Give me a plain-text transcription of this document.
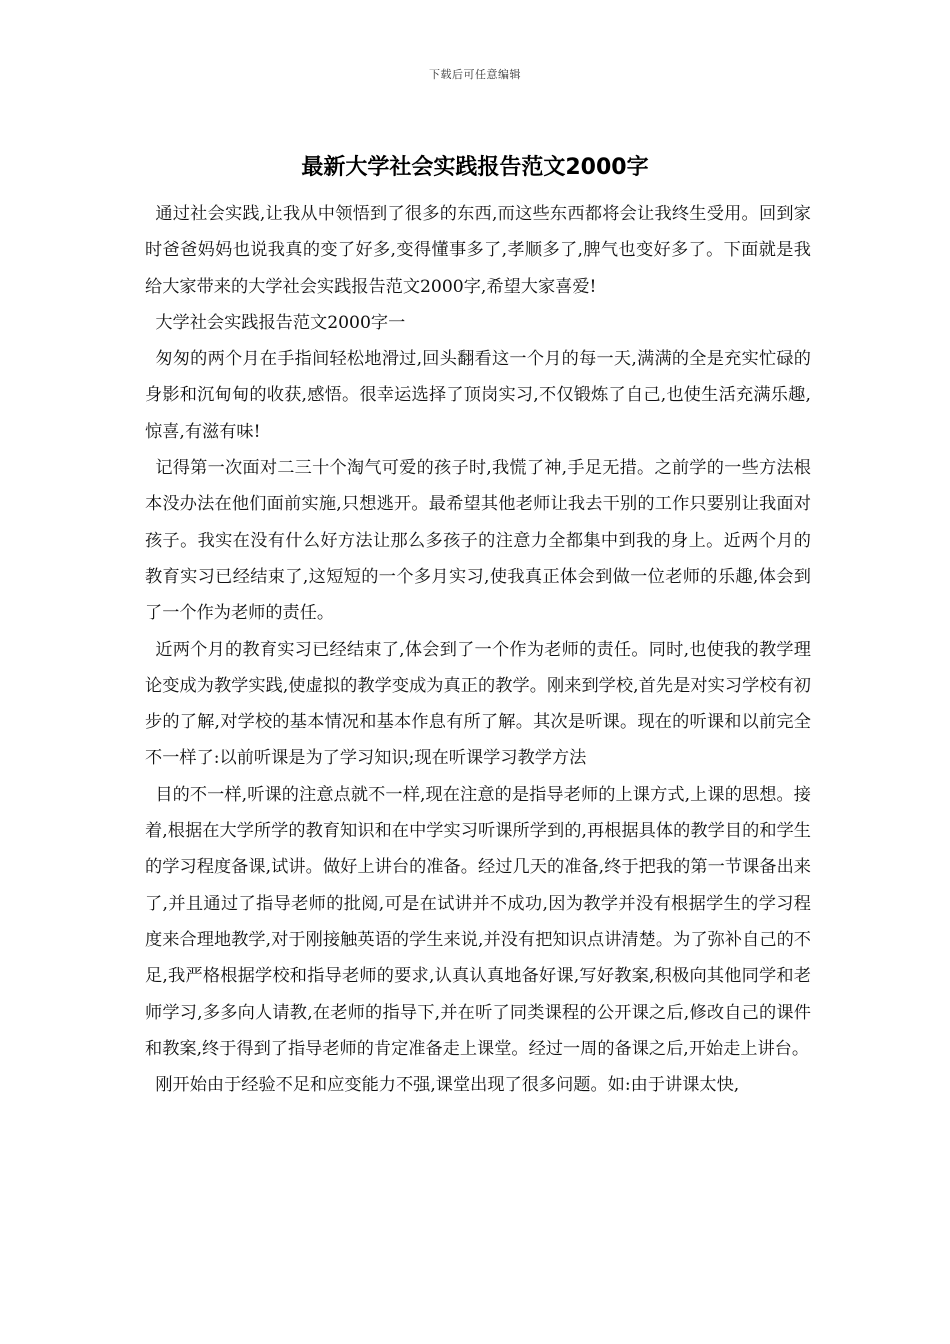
下载后可任意编辑
最新大学社会实践报告范文2000字

通过社会实践,让我从中领悟到了很多的东西,而这些东西都将会让我终生受用。回到家时爸爸妈妈也说我真的变了好多,变得懂事多了,孝顺多了,脾气也变好多了。下面就是我给大家带来的大学社会实践报告范文2000字,希望大家喜爱!

大学社会实践报告范文2000字一

匆匆的两个月在手指间轻松地滑过,回头翻看这一个月的每一天,满满的全是充实忙碌的身影和沉甸甸的收获,感悟。很幸运选择了顶岗实习,不仅锻炼了自己,也使生活充满乐趣,惊喜,有滋有味!

记得第一次面对二三十个淘气可爱的孩子时,我慌了神,手足无措。之前学的一些方法根本没办法在他们面前实施,只想逃开。最希望其他老师让我去干别的工作只要别让我面对孩子。我实在没有什么好方法让那么多孩子的注意力全都集中到我的身上。近两个月的教育实习已经结束了,这短短的一个多月实习,使我真正体会到做一位老师的乐趣,体会到了一个作为老师的责任。

近两个月的教育实习已经结束了,体会到了一个作为老师的责任。同时,也使我的教学理论变成为教学实践,使虚拟的教学变成为真正的教学。刚来到学校,首先是对实习学校有初步的了解,对学校的基本情况和基本作息有所了解。其次是听课。现在的听课和以前完全不一样了:以前听课是为了学习知识;现在听课学习教学方法

目的不一样,听课的注意点就不一样,现在注意的是指导老师的上课方式,上课的思想。接着,根据在大学所学的教育知识和在中学实习听课所学到的,再根据具体的教学目的和学生的学习程度备课,试讲。做好上讲台的准备。经过几天的准备,终于把我的第一节课备出来了,并且通过了指导老师的批阅,可是在试讲并不成功,因为教学并没有根据学生的学习程度来合理地教学,对于刚接触英语的学生来说,并没有把知识点讲清楚。为了弥补自己的不足,我严格根据学校和指导老师的要求,认真认真地备好课,写好教案,积极向其他同学和老师学习,多多向人请教,在老师的指导下,并在听了同类课程的公开课之后,修改自己的课件和教案,终于得到了指导老师的肯定准备走上课堂。经过一周的备课之后,开始走上讲台。

刚开始由于经验不足和应变能力不强,课堂出现了很多问题。如:由于讲课太快,
